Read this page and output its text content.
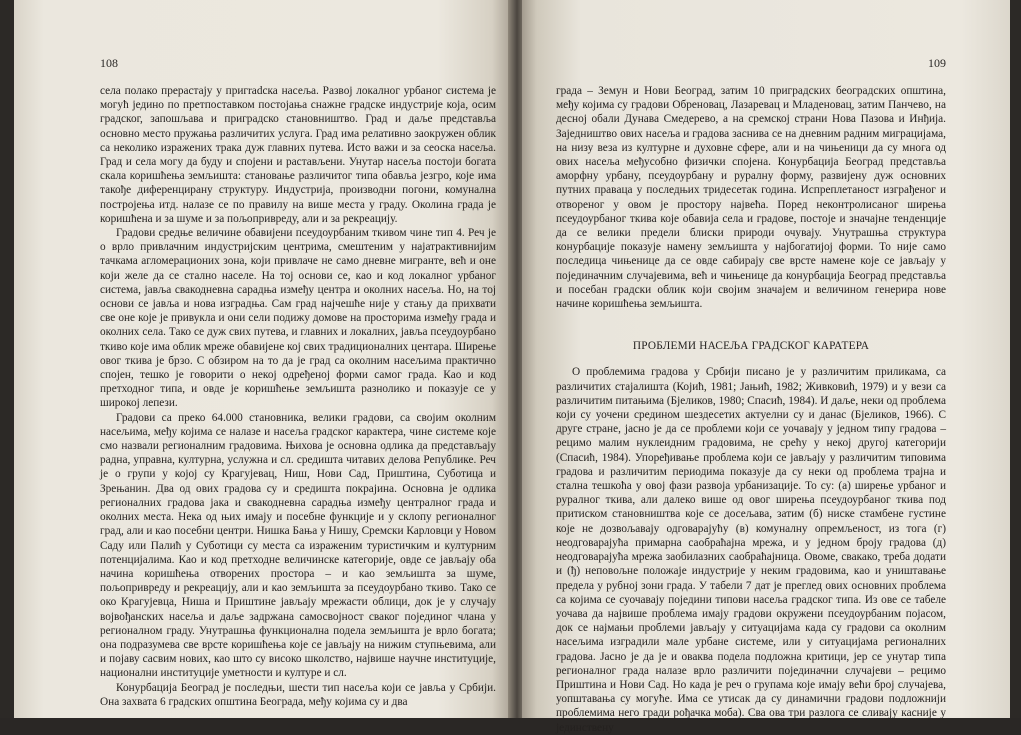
108

села полако прерастају у пригradска насеља. Развој локалног урбаног система је могућ једино по претпоставком постојања снажне градске индустрије која, осим градског, запошљава и приградско становништво. Град и даље представља основно место пружања различитих услуга. Град има релативно заокружен облик са неколико изражених трака дуж главних путева. Исто важи и за сеоска насеља. Град и села могу да буду и спојени и растављени. Унутар насеља постоји богата скала коришћења земљишта: становање различитог типа обавља језгро, које има такође диференцирану структуру. Индустрија, производни погони, комунална постројења итд. налазе се по правилу на више места у граду. Околина града је коришћена и за шуме и за пољопривреду, али и за рекреацију.

Градови средње величине обавијени псеудоурбаним ткивом чине тип 4. Реч је о врло привлачним индустријским центрима, смештеним у најатрактивнијим тачкама агломерационих зона, који привлаче не само дневне мигранте, већ и оне који желе да се стално населе. На тој основи се, као и код локалног урбаног система, јавља свакодневна сарадња између центра и околних насеља. Но, на тој основи се јавља и нова изградња. Сам град најчешће није у стању да прихвати све оне које је привукла и они сели подижу домове на просторима између града и околних села. Тако се дуж свих путева, и главних и локалних, јавља псеудоурбано ткиво које има облик мреже обавијене кој свих традиционалних центара. Ширење овог ткива је брзо. С обзиром на то да је град са околним насељима практично спојен, тешко је говорити о некој одређеној форми самог града. Као и код претходног типа, и овде је коришћење земљишта разнолико и показује се у широкој лепези.

Градови са преко 64.000 становника, велики градови, са својим околним насељима, међу којима се налазе и насеља градског карактера, чине системе које смо назвали регионалним градовима. Њихова је основна одлика да представљају радна, управна, културна, услужна и сл. средишта читавих делова Републике. Реч је о групи у којој су Крагујевац, Ниш, Нови Сад, Приштина, Суботица и Зрењанин. Два од ових градова су и средишта покрајина. Основна је одлика регионалних градова јака и свакодневна сарадња између централног града и околних места. Нека од њих имају и посебне функције и у склопу регионалног град, али и као посебни центри. Нишка Бања у Нишу, Сремски Карловци у Новом Саду или Палић у Суботици су места са израженим туристичким и културним потенцијалима. Као и код претходне величинске категорије, овде се јављају оба начина коришћења отворених простора – и као земљишта за шуме, пољопривреду и рекреацију, али и као земљишта за псеудоурбано ткиво. Тако се око Крагујевца, Ниша и Приштине јављају мрежасти облици, док је у случају војвођанских насеља и даље задржана самосвојност сваког појединог члана у регионалном граду. Унутрашња функционална подела земљишта је врло богата; она подразумева све врсте коришћења које се јављају на нижим ступњевима, али и појаву сасвим нових, као што су високо школство, највише научне институције, национални институције уметности и културе и сл.

Конурбација Београд је последњи, шести тип насеља који се јавља у Србији. Она захвата 6 градских општина Београда, међу којима су и два

109

града – Земун и Нови Београд, затим 10 пригрaдских београдских општина, међу којима су градови Обреновац, Лазаревац и Младеновац, затим Панчево, на десној обали Дунава Смедерево, а на сремској страни Нова Пазова и Инђија. Заједништво ових насеља и градова заснива се на дневним радним миграцијама, на низу веза из културне и духовне сфере, али и на чињеници да су многа од ових насеља међусобно физички спојена. Конурбацијa Београд представља аморфну урбану, псеудоурбану и руралну форму, развијену дуж основних путних правaца у последњих тридесетак година. Испреплетаност изграђеног и отвореног у овом је простору највећа. Поред неконтролисаног ширења псеудоурбаног ткива које обавија села и градове, постоје и значајне тенденције да се велики предели блиски природи очувају. Унутрашња структура конурбације показује намену земљишта у најбогатијој форми. То није само последица чињенице да се овде сабирају све врсте намене које се јављају у појединачним случајевима, већ и чињенице да конурбација Београд представља и посебан градски облик који својим значајем и величином генерира нове начине коришћења земљишта.

ПРОБЛЕМИ НАСЕЉА ГРАДСКОГ КАРАТЕРА

О проблемима градова у Србији писано је у различитим приликама, са различитих стајалишта (Којић, 1981; Јањић, 1982; Живковић, 1979) и у вези са различитим питањима (Бјеликов, 1980; Спасић, 1984). И даље, неки од проблема који су уочени средином шездесетих актуелни су и данас (Бјеликов, 1966). С друге стране, јасно је да се проблеми који се уочавају у једном типу градова – рецимо малим нуклеидним градовима, не срећу у некој другој категорији (Спасић, 1984). Упоређивање проблема који се јављају у различитим типовима градова и различитим периодима показује да су неки од проблема трајна и стална тешкоћа у овој фази развоја урбанизације. То су: (а) ширење урбаног и руралног ткива, али далеко више од овог ширења псеудоурбаног ткива под притиском становништва које се досељава, затим (б) ниске стамбене густине које не дозвољавају одговарајућу (в) комуналну опремљеност, из тога (г) неодговарајућа примарна саобраћајна мрежа, и у једном броју градова (д) неодговарајућа мрежа заобилазних саобраћајница. Овоме, свакако, треба додати и (ђ) неповољне положаје индустрије у неким градовима, као и уништавање предела у рубној зони града. У табели 7 дат је преглед ових основних проблема са којима се суочавају поједини типови насеља градског типа. Из ове се табеле уочава да највише проблема имају градови окружени псеудоурбаним појасом, док се најмањи проблеми јављају у ситуацијама када су градови са околним насељима изградили мале урбане системе, или у ситуацијама регионалних градова. Јасно је да је и оваква подела подложна критици, јер се унутар типа регионалног града налазе врло различити појединачни случајеви – рецимо Приштина и Нови Сад. Но када је реч о групама које имају већи број случајева, уопштавања су могуће. Има се утисак да су динамични градови подложнији проблемима него гради рођачка моба). Сва ова три разлога се сливају касније у јединствену
